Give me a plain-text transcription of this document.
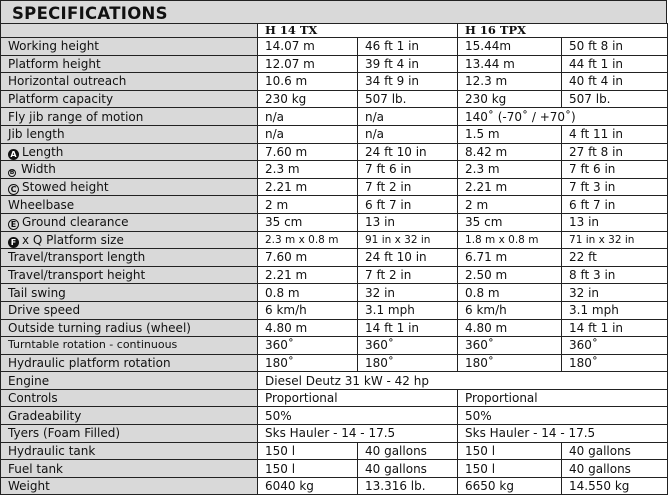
SPECIFICATIONS
	H 14 TX		H 16 TPX	
Working height	14.07 m	46 ft 1 in	15.44m	50 ft 8 in
Platform height	12.07 m	39 ft 4 in	13.44 m	44 ft 1 in
Horizontal outreach	10.6 m	34 ft 9 in	12.3 m	40 ft 4 in
Platform capacity	230 kg	507 lb.	230 kg	507 lb.
Fly jib range of motion	n/a	n/a	140˚ (-70˚ / +70˚)	
Jib length	n/a	n/a	1.5 m	4 ft 11 in
A Length	7.60 m	24 ft 10 in	8.42 m	27 ft 8 in
B Width	2.3 m	7 ft 6 in	2.3 m	7 ft 6 in
C Stowed height	2.21 m	7 ft 2 in	2.21 m	7 ft 3 in
Wheelbase	2 m	6 ft 7 in	2 m	6 ft 7 in
E Ground clearance	35 cm	13 in	35 cm	13 in
F x Q Platform size	2.3 m x 0.8 m	91 in x 32 in	1.8 m x 0.8 m	71 in x 32 in
Travel/transport length	7.60 m	24 ft 10 in	6.71 m	22 ft
Travel/transport height	2.21 m	7 ft 2 in	2.50 m	8 ft 3 in
Tail swing	0.8 m	32 in	0.8 m	32 in
Drive speed	6 km/h	3.1 mph	6 km/h	3.1 mph
Outside turning radius (wheel)	4.80 m	14 ft 1 in	4.80 m	14 ft 1 in
Turntable rotation - continuous	360˚	360˚	360˚	360˚
Hydraulic platform rotation	180˚	180˚	180˚	180˚
Engine	Diesel Deutz 31 kW - 42 hp			
Controls	Proportional		Proportional	
Gradeability	50%		50%	
Tyers (Foam Filled)	Sks Hauler - 14 - 17.5		Sks Hauler - 14 - 17.5	
Hydraulic tank	150 l	40 gallons	150 l	40 gallons
Fuel tank	150 l	40 gallons	150 l	40 gallons
Weight	6040 kg	13.316 lb.	6650 kg	14.550 kg
